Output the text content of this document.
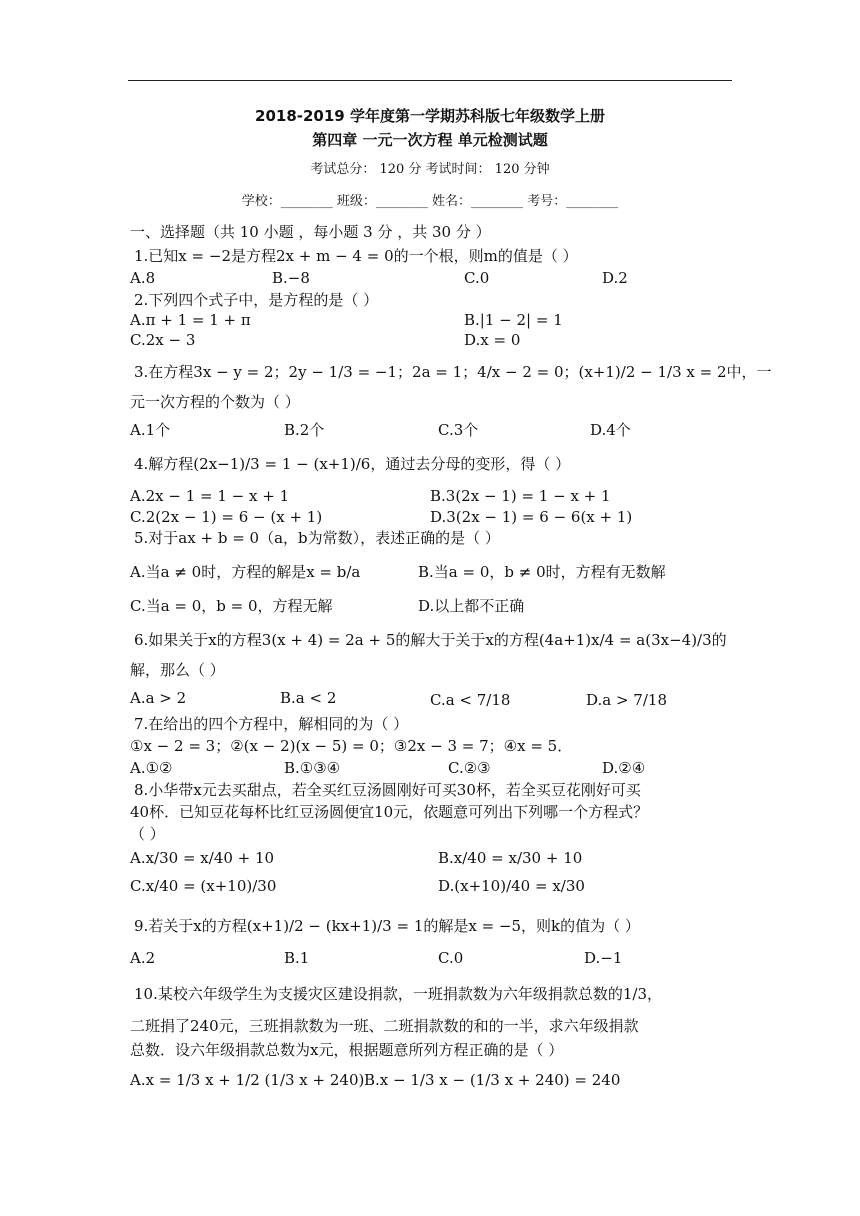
2018-2019 学年度第一学期苏科版七年级数学上册
第四章 一元一次方程 单元检测试题
考试总分： 120 分 考试时间： 120 分钟
学校：________ 班级：________ 姓名：________ 考号：________
一、选择题（共 10 小题 ，每小题 3 分 ，共 30 分 ）
1.已知x = −2是方程2x + m − 4 = 0的一个根，则m的值是（ ）
A.8	B.−8	C.0	D.2
2.下列四个式子中，是方程的是（ ）
A.π + 1 = 1 + π	B.|1 − 2| = 1
C.2x − 3	D.x = 0
3.在方程3x − y = 2；2y − 1/3 = −1；2a = 1；4/x − 2 = 0；(x+1)/2 − 1/3 x = 2中，一
元一次方程的个数为（ ）
A.1个	B.2个	C.3个	D.4个
4.解方程(2x−1)/3 = 1 − (x+1)/6，通过去分母的变形，得（ ）
A.2x − 1 = 1 − x + 1	B.3(2x − 1) = 1 − x + 1
C.2(2x − 1) = 6 − (x + 1)	D.3(2x − 1) = 6 − 6(x + 1)
5.对于ax + b = 0（a，b为常数），表述正确的是（ ）
A.当a ≠ 0时，方程的解是x = b/a	B.当a = 0，b ≠ 0时，方程有无数解
C.当a = 0，b = 0，方程无解	D.以上都不正确
6.如果关于x的方程3(x + 4) = 2a + 5的解大于关于x的方程(4a+1)x/4 = a(3x−4)/3的
解，那么（ ）
A.a > 2	B.a < 2	C.a < 7/18	D.a > 7/18
7.在给出的四个方程中，解相同的为（ ）
①x − 2 = 3；②(x − 2)(x − 5) = 0；③2x − 3 = 7；④x = 5．
A.①②	B.①③④	C.②③	D.②④
8.小华带x元去买甜点，若全买红豆汤圆刚好可买30杯，若全买豆花刚好可买
40杯．已知豆花每杯比红豆汤圆便宜10元，依题意可列出下列哪一个方程式？
（ ）
A.x/30 = x/40 + 10	B.x/40 = x/30 + 10
C.x/40 = (x+10)/30	D.(x+10)/40 = x/30
9.若关于x的方程(x+1)/2 − (kx+1)/3 = 1的解是x = −5，则k的值为（ ）
A.2	B.1	C.0	D.−1
10.某校六年级学生为支援灾区建设捐款，一班捐款数为六年级捐款总数的1/3，
二班捐了240元，三班捐款数为一班、二班捐款数的和的一半，求六年级捐款
总数．设六年级捐款总数为x元，根据题意所列方程正确的是（ ）
A.x = 1/3 x + 1/2 (1/3 x + 240) B.x − 1/3 x − (1/3 x + 240) = 240
